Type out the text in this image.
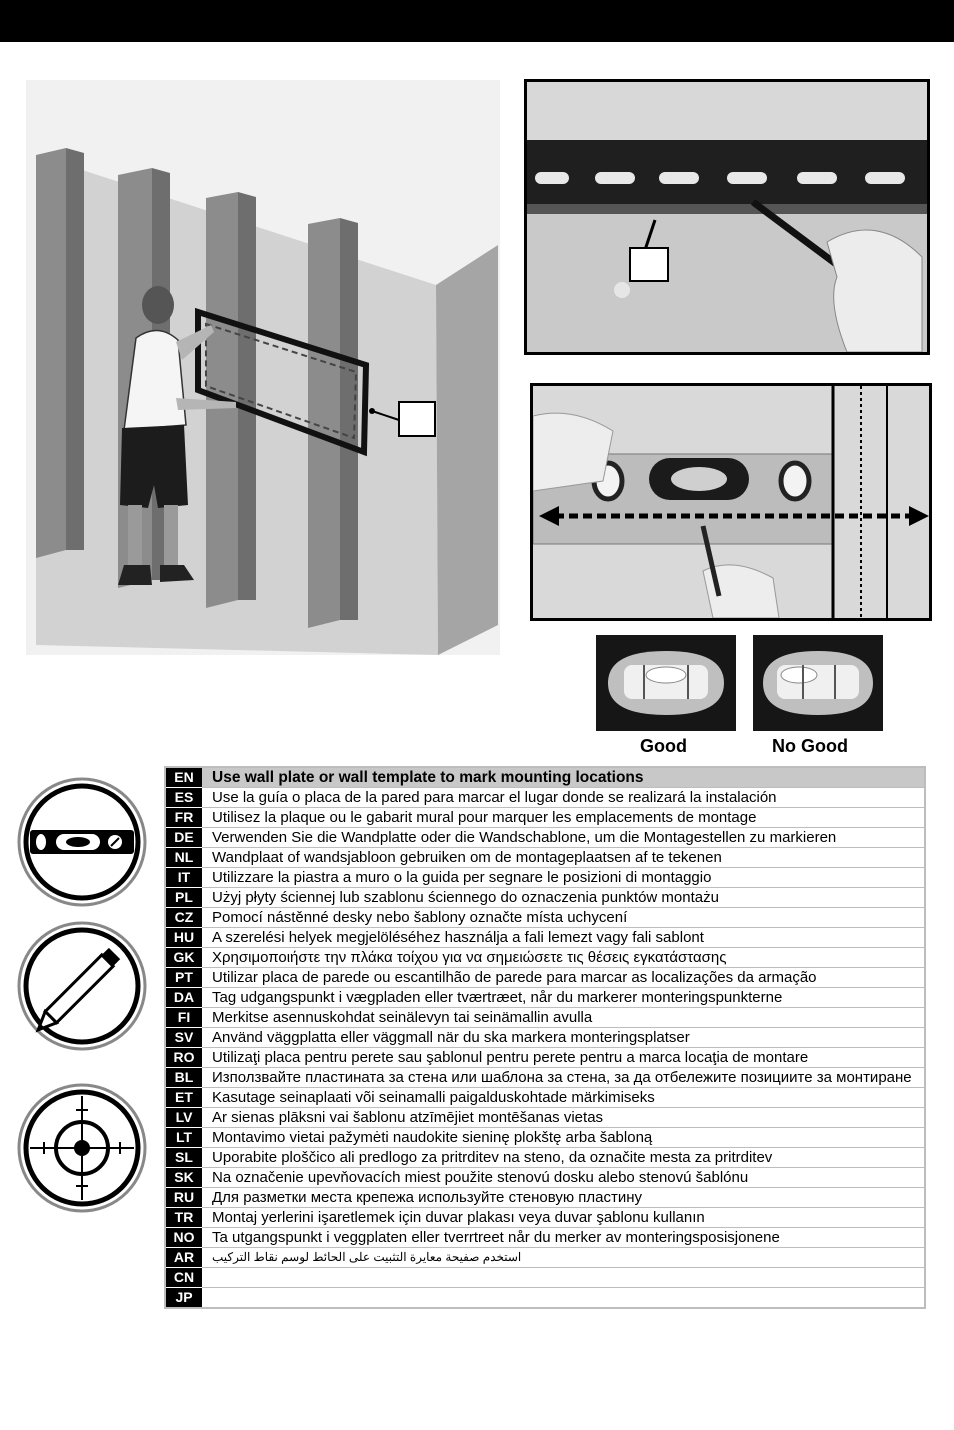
Good	No Good
EN	Use wall plate or wall template to mark mounting locations
ES	Use la guía o placa de la pared para marcar el lugar donde se realizará la instalación
FR	Utilisez la plaque ou le gabarit mural pour marquer les emplacements de montage
DE	Verwenden Sie die Wandplatte oder die Wandschablone, um die Montagestellen zu markieren
NL	Wandplaat of wandsjabloon gebruiken om de montageplaatsen af te tekenen
IT	Utilizzare la piastra a muro o la guida per segnare le posizioni di montaggio
PL	Użyj płyty ściennej lub szablonu ściennego do oznaczenia punktów montażu
CZ	Pomocí nástěnné desky nebo šablony označte místa uchycení
HU	A szerelési helyek megjelöléséhez használja a fali lemezt vagy fali sablont
GK	Χρησιμοποιήστε την πλάκα τοίχου για να σημειώσετε τις θέσεις εγκατάστασης
PT	Utilizar placa de parede ou escantilhão de parede para marcar as localizações da armação
DA	Tag udgangspunkt i vægpladen eller tværtræet, når du markerer monteringspunkterne
FI	Merkitse asennuskohdat seinälevyn tai seinämallin avulla
SV	Använd väggplatta eller väggmall när du ska markera monteringsplatser
RO	Utilizaţi placa pentru perete sau şablonul pentru perete pentru a marca locaţia de montare
BL	Използвайте пластината за стена или шаблона за стена, за да отбележите позициите за монтиране
ET	Kasutage seinaplaati või seinamalli paigalduskohtade märkimiseks
LV	Ar sienas plāksni vai šablonu atzīmējiet montēšanas vietas
LT	Montavimo vietai pažymėti naudokite sieninę plokštę arba šabloną
SL	Uporabite ploščico ali predlogo za pritrditev na steno, da označite mesta za pritrditev
SK	Na označenie upevňovacích miest použite stenovú dosku alebo stenovú šablónu
RU	Для разметки места крепежа используйте стеновую пластину
TR	Montaj yerlerini işaretlemek için duvar plakası veya duvar şablonu kullanın
NO	Ta utgangspunkt i veggplaten eller tverrtreet når du merker av monteringsposisjonene
AR	استخدم صفيحة معايرة التثبيت على الحائط لوسم نقاط التركيب
CN	
JP	
